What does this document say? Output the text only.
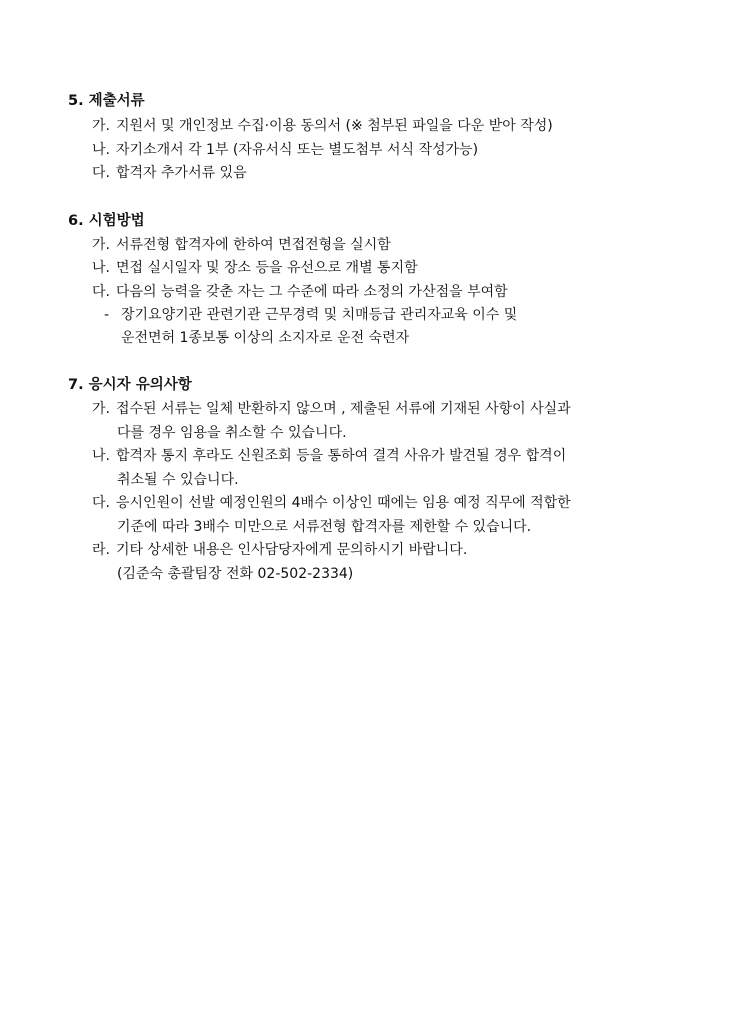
5. 제출서류
가. 지원서 및 개인정보 수집·이용 동의서 (※ 첨부된 파일을 다운 받아 작성)
나. 자기소개서 각 1부 (자유서식 또는 별도첨부 서식 작성가능)
다. 합격자 추가서류 있음
6. 시험방법
가. 서류전형 합격자에 한하여 면접전형을 실시함
나. 면접 실시일자 및 장소 등을 유선으로 개별 통지함
다. 다음의 능력을 갖춘 자는 그 수준에 따라 소정의 가산점을 부여함
- 장기요양기관 관련기관 근무경력 및 치매등급 관리자교육 이수 및
운전면허 1종보통 이상의 소지자로 운전 숙련자
7. 응시자 유의사항
가. 접수된 서류는 일체 반환하지 않으며 , 제출된 서류에 기재된 사항이 사실과
다를 경우 임용을 취소할 수 있습니다.
나. 합격자 통지 후라도 신원조회 등을 통하여 결격 사유가 발견될 경우 합격이
취소될 수 있습니다.
다. 응시인원이 선발 예정인원의 4배수 이상인 때에는 임용 예정 직무에 적합한
기준에 따라 3배수 미만으로 서류전형 합격자를 제한할 수 있습니다.
라. 기타 상세한 내용은 인사담당자에게 문의하시기 바랍니다.
(김준숙 총괄팀장 전화 02-502-2334)
